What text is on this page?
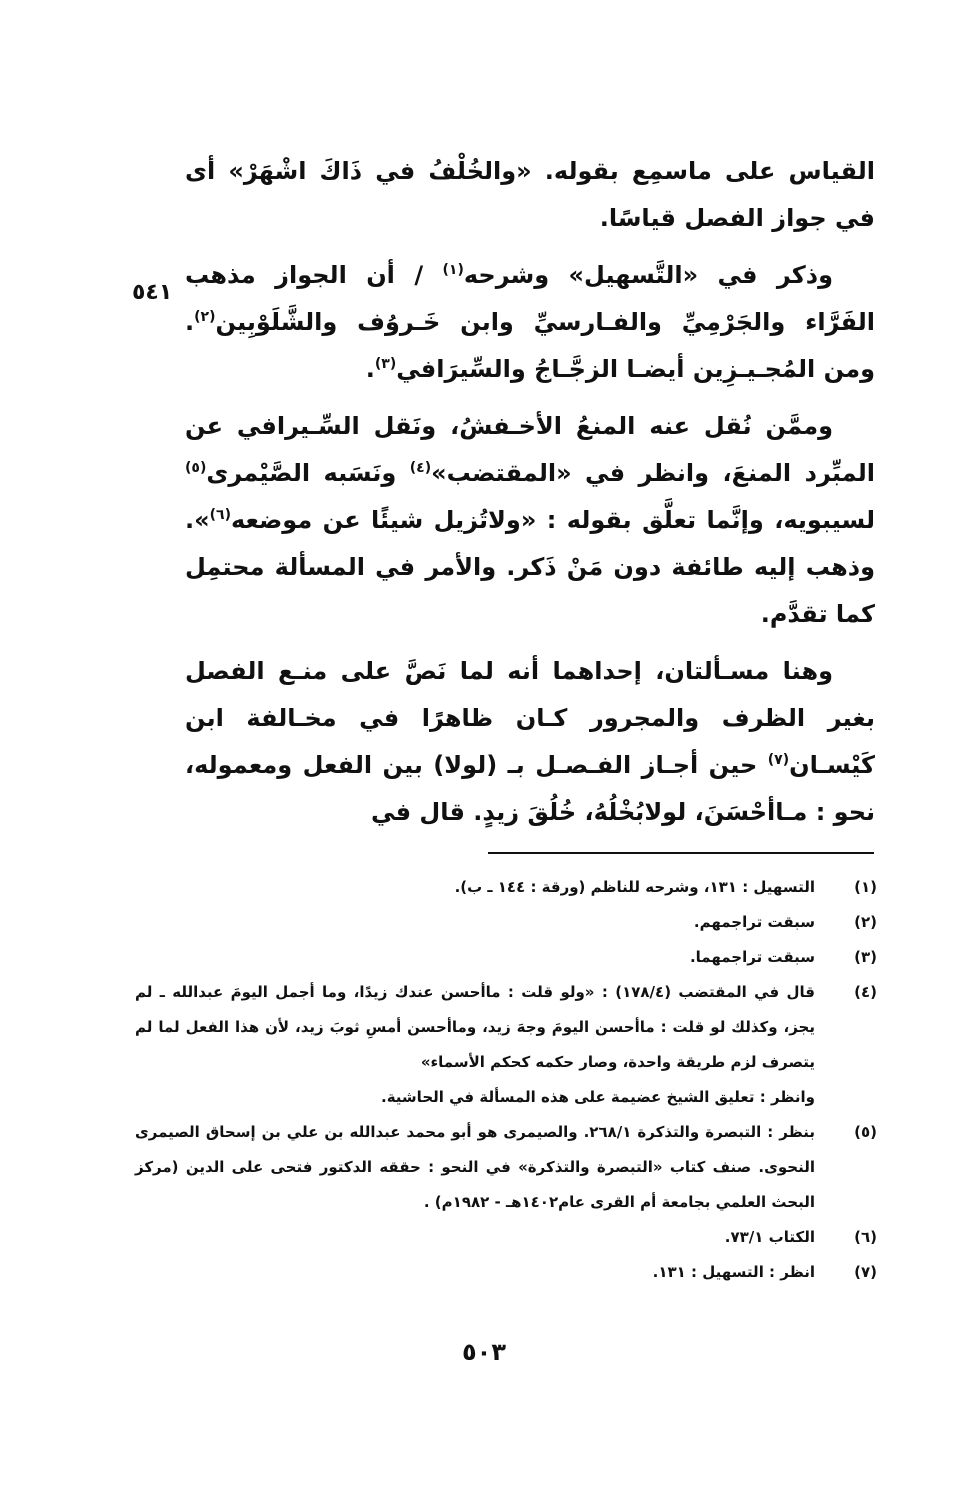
٥٤١

القياس على ماسمِع بقوله. «والخُلْفُ في ذَاكَ اشْهَرْ» أى في جواز الفصل قياسًا.

وذكر في «التَّسهيل» وشرحه$^{(١)}$ / أن الجواز مذهب الفَرَّاء والجَرْمِيِّ والفـارسيِّ وابن خَـروُف والشَّلَوْبِين$^{(٢)}$. ومن المُجـيـزِين أيضـا الزجَّـاجُ والسِّيرَافي$^{(٣)}$.

وممَّن نُقل عنه المنعُ الأخـفشُ، ونَقل السِّـيرافي عن المبِّرد المنعَ، وانظر في «المقتضب»$^{(٤)}$ ونَسَبه الصَّيْمرى$^{(٥)}$ لسيبويه، وإنَّما تعلَّق بقوله : «ولاتُزيل شيئًا عن موضعه$^{(٦)}$». وذهب إليه طائفة دون مَنْ ذَكر. والأمر في المسألة محتمِل كما تقدَّم.

وهنا مسـألتان، إحداهما أنه لما نَصَّ على منـع الفصل بغير الظرف والمجرور كـان ظاهرًا في مخـالفة ابن كَيْسـان$^{(٧)}$ حين أجـاز الفـصـل بـ (لولا) بين الفعل ومعموله، نحو : مـاأحْسَنَ، لولابُخْلُهُ، خُلُقَ زيدٍ. قال في

(١)

التسهيل : ١٣١، وشرحه للناظم (ورقة : ١٤٤ ـ ب).

(٢)

سبقت تراجمهم.

(٣)

سبقت تراجمهما.

(٤)

قال في المقتضب (١٧٨/٤) : «ولو قلت : ماأحسن عندك زيدًا، وما أجمل اليومَ عبدالله ـ لم يجز، وكذلك لو قلت : ماأحسن اليومَ وجهَ زيد، وماأحسن أمسِ ثوبَ زيد، لأن هذا الفعل لما لم يتصرف لزم طريقة واحدة، وصار حكمه كحكم الأسماء»

وانظر : تعليق الشيخ عضيمة على هذه المسألة في الحاشية.

(٥)

بنظر : التبصرة والتذكرة ٢٦٨/١. والصيمرى هو أبو محمد عبدالله بن علي بن إسحاق الصيمرى النحوى. صنف كتاب «التبصرة والتذكرة» في النحو : حققه الدكتور فتحى على الدين (مركز البحث العلمي بجامعة أم القرى عام١٤٠٢هـ - ١٩٨٢م) .

(٦)

الكتاب ٧٣/١.

(٧)

انظر : التسهيل : ١٣١.

٥٠٣
